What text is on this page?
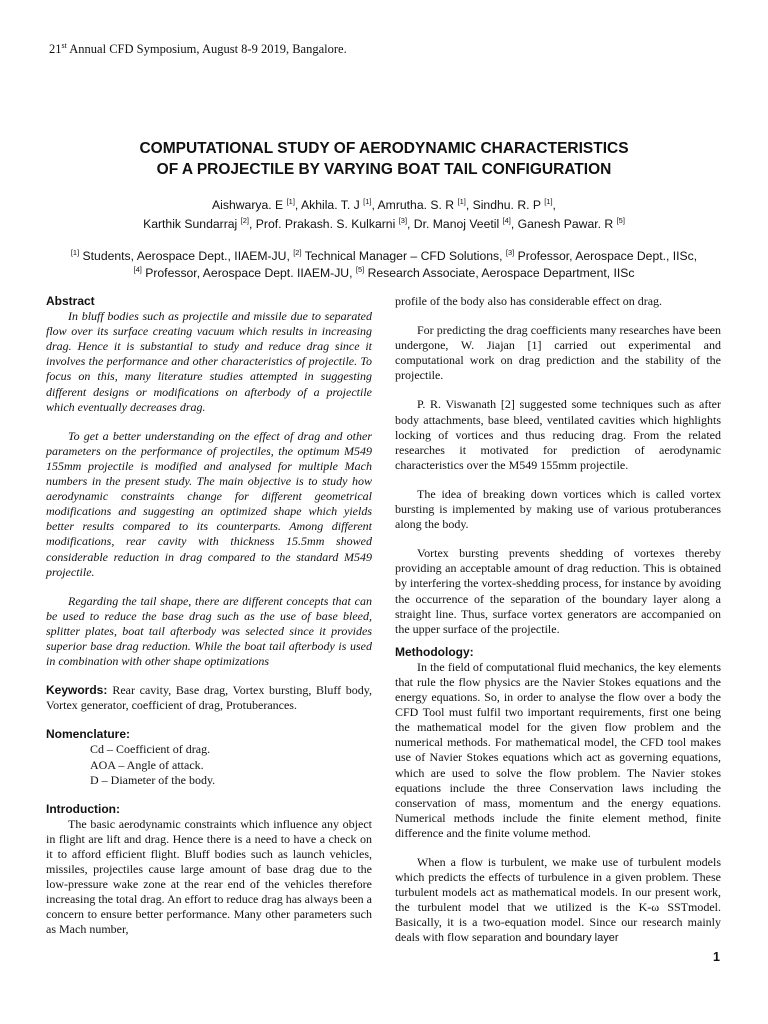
21st Annual CFD Symposium, August 8-9 2019, Bangalore.
COMPUTATIONAL STUDY OF AERODYNAMIC CHARACTERISTICS
OF A PROJECTILE BY VARYING BOAT TAIL CONFIGURATION
Aishwarya. E [1], Akhila. T. J [1], Amrutha. S. R [1], Sindhu. R. P [1],
Karthik Sundarraj [2], Prof. Prakash. S. Kulkarni [3], Dr. Manoj Veetil [4], Ganesh Pawar. R [5]
[1] Students, Aerospace Dept., IIAEM-JU, [2] Technical Manager – CFD Solutions, [3] Professor, Aerospace Dept., IISc,
[4] Professor, Aerospace Dept. IIAEM-JU, [5] Research Associate, Aerospace Department, IISc
Abstract

In bluff bodies such as projectile and missile due to separated flow over its surface creating vacuum which results in increasing drag. Hence it is substantial to study and reduce drag since it involves the performance and other characteristics of projectile. To focus on this, many literature studies attempted in suggesting different designs or modifications on afterbody of a projectile which eventually decreases drag.

To get a better understanding on the effect of drag and other parameters on the performance of projectiles, the optimum M549 155mm projectile is modified and analysed for multiple Mach numbers in the present study. The main objective is to study how aerodynamic constraints change for different geometrical modifications and suggesting an optimized shape which yields better results compared to its counterparts. Among different modifications, rear cavity with thickness 15.5mm showed considerable reduction in drag compared to the standard M549 projectile.

Regarding the tail shape, there are different concepts that can be used to reduce the base drag such as the use of base bleed, splitter plates, boat tail afterbody was selected since it provides superior base drag reduction. While the boat tail afterbody is used in combination with other shape optimizations

Keywords: Rear cavity, Base drag, Vortex bursting, Bluff body, Vortex generator, coefficient of drag, Protuberances.

Nomenclature:
Cd – Coefficient of drag.
AOA – Angle of attack.
D – Diameter of the body.
Introduction:

The basic aerodynamic constraints which influence any object in flight are lift and drag. Hence there is a need to have a check on it to afford efficient flight. Bluff bodies such as launch vehicles, missiles, projectiles cause large amount of base drag due to the low-pressure wake zone at the rear end of the vehicles therefore increasing the total drag. An effort to reduce drag has always been a concern to ensure better performance. Many other parameters such as Mach number,

profile of the body also has considerable effect on drag.

For predicting the drag coefficients many researches have been undergone, W. Jiajan [1] carried out experimental and computational work on drag prediction and the stability of the projectile.

P. R. Viswanath [2] suggested some techniques such as after body attachments, base bleed, ventilated cavities which highlights locking of vortices and thus reducing drag. From the related researches it motivated for prediction of aerodynamic characteristics over the M549 155mm projectile.

The idea of breaking down vortices which is called vortex bursting is implemented by making use of various protuberances along the body.

Vortex bursting prevents shedding of vortexes thereby providing an acceptable amount of drag reduction. This is obtained by interfering the vortex-shedding process, for instance by avoiding the occurrence of the separation of the boundary layer along a straight line. Thus, surface vortex generators are accompanied on the upper surface of the projectile.

Methodology:

In the field of computational fluid mechanics, the key elements that rule the flow physics are the Navier Stokes equations and the energy equations. So, in order to analyse the flow over a body the CFD Tool must fulfil two important requirements, first one being the mathematical model for the given flow problem and the numerical methods. For mathematical model, the CFD tool makes use of Navier Stokes equations which act as governing equations, which are used to solve the flow problem. The Navier stokes equations include the three Conservation laws including the conservation of mass, momentum and the energy equations. Numerical methods include the finite element method, finite difference and the finite volume method.

When a flow is turbulent, we make use of turbulent models which predicts the effects of turbulence in a given problem. These turbulent models act as mathematical models. In our present work, the turbulent model that we utilized is the K-ω SSTmodel. Basically, it is a two-equation model. Since our research mainly deals with flow separation and boundary layer

1
